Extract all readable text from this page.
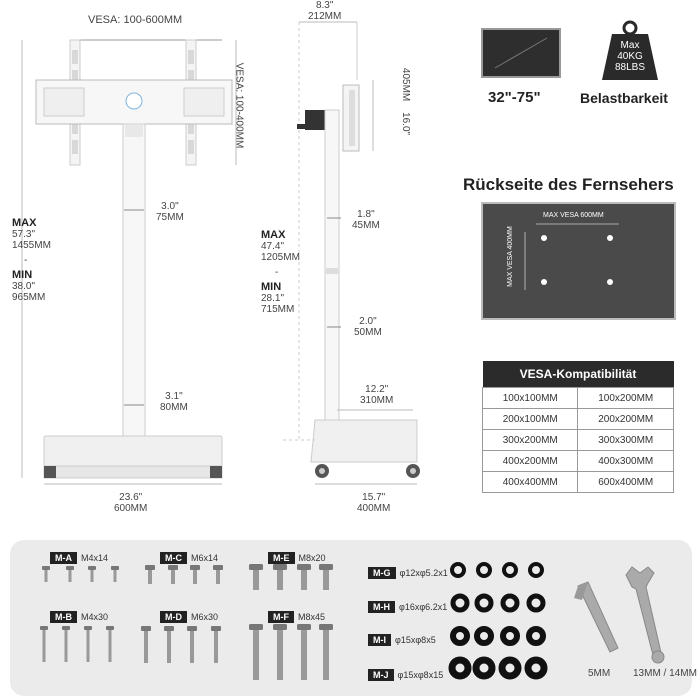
VESA: 100-600MM
VESA: 100-400MM
MAX
57.3"
1455MM
-
MIN
38.0"
965MM
3.0"
75MM
3.1"
80MM
23.6"
600MM
8.3"
212MM
405MM 16.0"
MAX
47.4"
1205MM
-
MIN
28.1"
715MM
1.8"
45MM
2.0"
50MM
12.2"
310MM
15.7"
400MM
32"-75"
Max
40KG
88LBS
Belastbarkeit
Rückseite des Fernsehers
MAX VESA 600MM
MAX VESA 400MM
VESA-Kompatibilität	
100x100MM	100x200MM
200x100MM	200x200MM
300x200MM	300x300MM
400x200MM	400x300MM
400x400MM	600x400MM
M-A M4x14	M-C M6x14	M-E M8x20
M-B M4x30	M-D M6x30	M-F M8x45
M-G φ12xφ5.2x1
M-H φ16xφ6.2x1
M-I φ15xφ8x5
M-J φ15xφ8x15	5MM 13MM / 14MM
